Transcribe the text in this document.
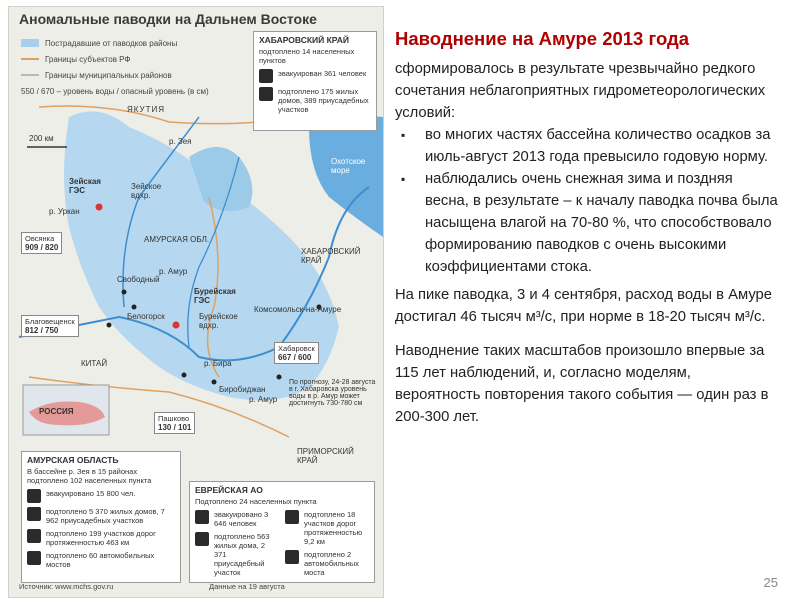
Аномальные паводки на Дальнем Востоке
Пострадавшие от паводков районы
Границы субъектов РФ
Границы муниципальных районов
550 / 670 – уровень воды / опасный уровень (в см)
200 км
ЯКУТИЯ
АМУРСКАЯ ОБЛ.
ХАБАРОВСКИЙ КРАЙ
КИТАЙ
ПРИМОРСКИЙ КРАЙ
Охотское море
Зейская ГЭС	Зейское вдхр.
р. Уркан
р. Зея
Свободный
Белогорск
Бурейская ГЭС
Бурейское вдхр.
р. Амур
Комсомольск-на-Амуре
Биробиджан
р. Бира
р. Амур
Овсянка
909 / 820
Благовещенск
812 / 750
Хабаровск
667 / 600
Пашково
130 / 101
ХАБАРОВСКИЙ КРАЙ
подтоплено 14 населенных пунктов
эвакуирован 361 человек
подтоплено 175 жилых домов, 389 приусадебных участков
По прогнозу, 24-28 августа в г. Хабаровска уровень воды в р. Амур может достигнуть 730-780 см
РОССИЯ
АМУРСКАЯ ОБЛАСТЬ
В бассейне р. Зея в 15 районах подтоплено 102 населенных пункта
эвакуировано 15 800 чел.
подтоплено 5 370 жилых домов, 7 962 приусадебных участков
подтоплено 199 участков дорог протяженностью 463 км
подтоплено 60 автомобильных мостов
ЕВРЕЙСКАЯ АО
Подтоплено 24 населенных пункта
эвакуировано 3 646 человек
подтоплено 563 жилых дома, 2 371 приусадебный участок
подтоплено 18 участков дорог протяженностью 9,2 км
подтоплено 2 автомобильных моста
Источник: www.mchs.gov.ru	Данные на 19 августа
Наводнение на Амуре 2013 года

сформировалось в результате чрезвычайно редкого сочетания неблагоприятных гидрометеорологических условий:

▪ во многих частях бассейна количество осадков за июль-август 2013 года превысило годовую норму.
▪ наблюдались очень снежная зима и поздняя весна, в результате – к началу паводка почва была насыщена влагой на 70-80 %, что способствовало формированию паводков с очень высокими коэффициентами стока.

На пике паводка, 3 и 4 сентября, расход воды в Амуре достигал 46 тысяч м³/с, при норме в 18-20 тысяч м³/с.

Наводнение таких масштабов произошло впервые за 115 лет наблюдений, и, согласно моделям, вероятность повторения такого события — один раз в 200-300 лет.

25
